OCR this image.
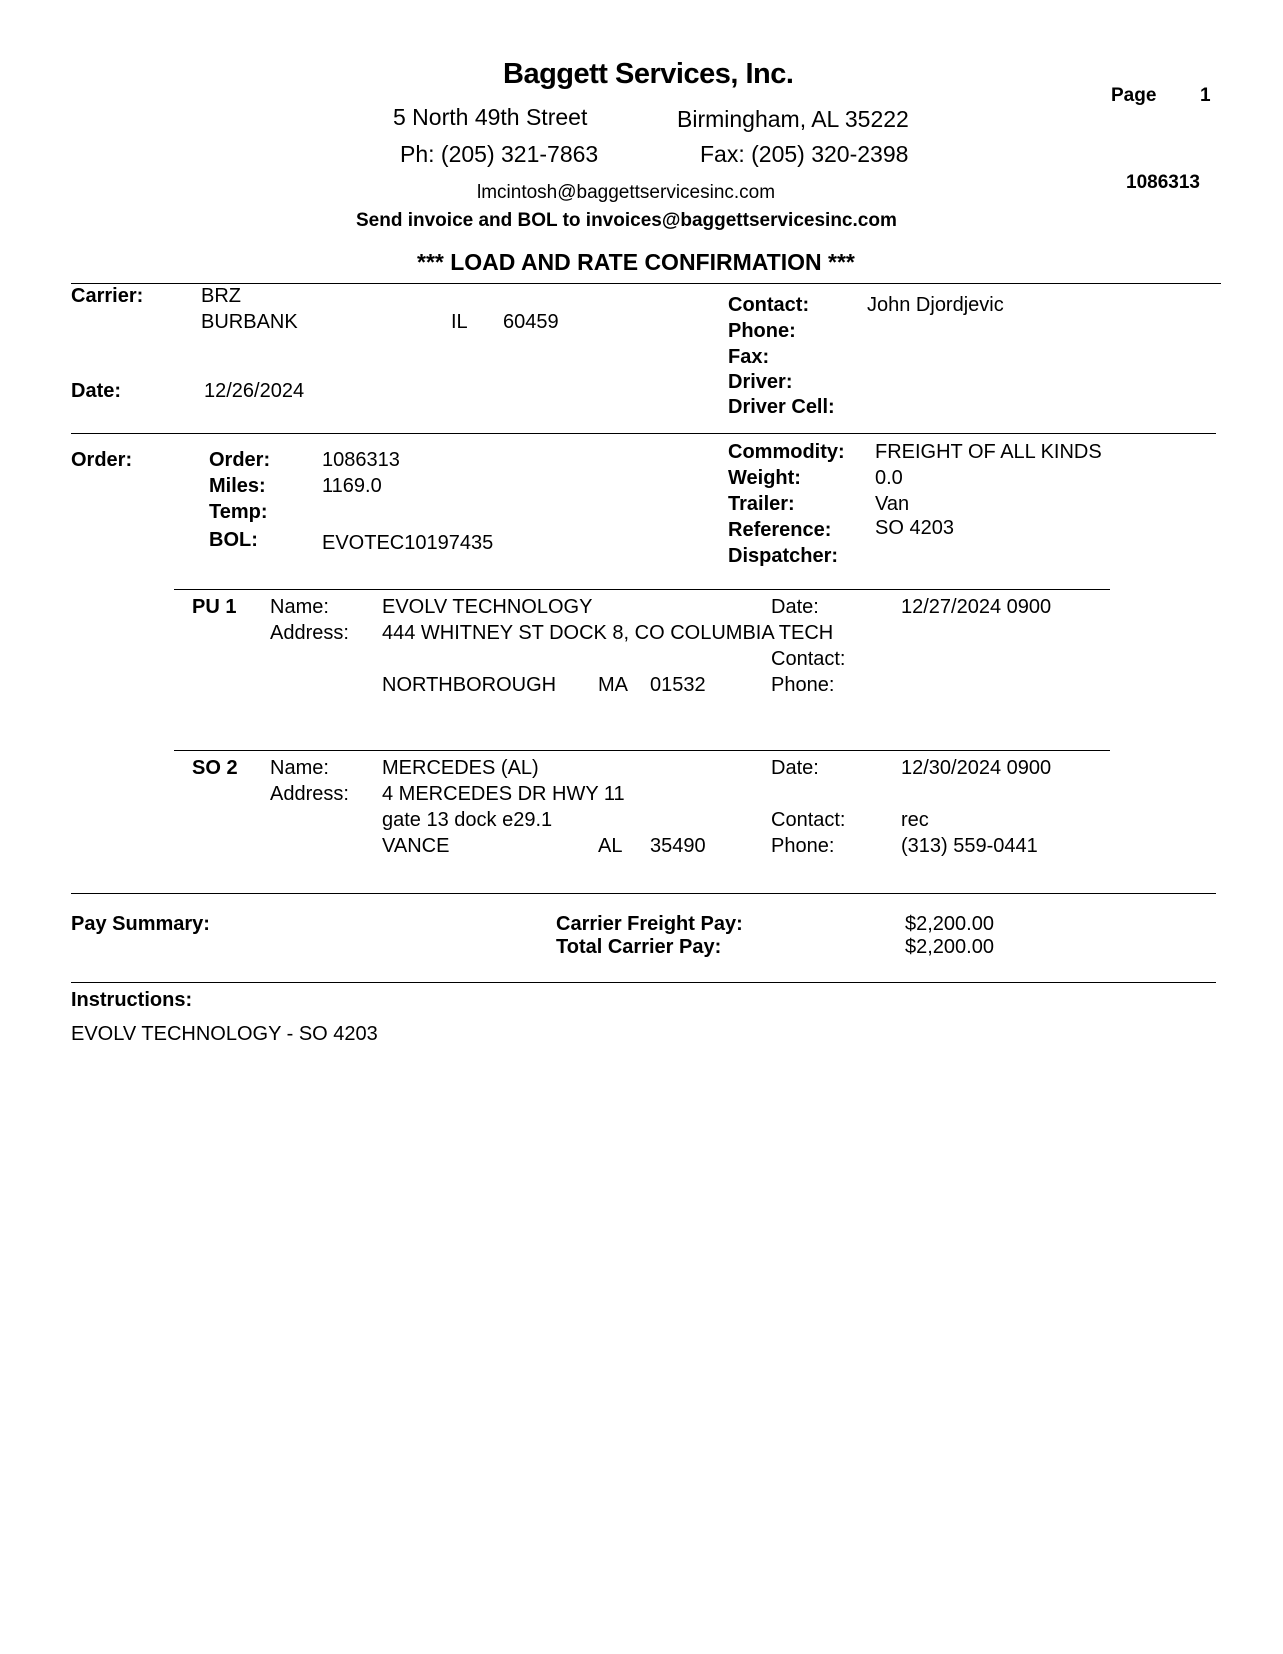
Baggett Services, Inc.
5 North 49th Street	Birmingham, AL 35222
Ph: (205) 321-7863	Fax: (205) 320-2398
lmcintosh@baggettservicesinc.com
Send invoice and BOL to invoices@baggettservicesinc.com
Page 1
1086313
*** LOAD AND RATE CONFIRMATION ***
Carrier:	BRZ
BURBANK	IL 60459
Date:	12/26/2024
Contact:	John Djordjevic
Phone:
Fax:
Driver:
Driver Cell:
Order:	Order:	1086313
Miles:	1169.0
Temp:
BOL:	EVOTEC10197435
Commodity: FREIGHT OF ALL KINDS
Weight:	0.0
Trailer:	Van
Reference: SO 4203
Dispatcher:
PU 1 Name:	EVOLV TECHNOLOGY
Address: 444 WHITNEY ST DOCK 8, CO COLUMBIA TECH
NORTHBOROUGH MA 01532
Date:	12/27/2024 0900
Contact:
Phone:
SO 2 Name:	MERCEDES (AL)
Address: 4 MERCEDES DR HWY 11
gate 13 dock e29.1
VANCE	AL 35490
Date:	12/30/2024 0900
Contact:	rec
Phone:	(313) 559-0441
Pay Summary:	Carrier Freight Pay:	$2,200.00
Total Carrier Pay:	$2,200.00
Instructions:
EVOLV TECHNOLOGY - SO 4203
